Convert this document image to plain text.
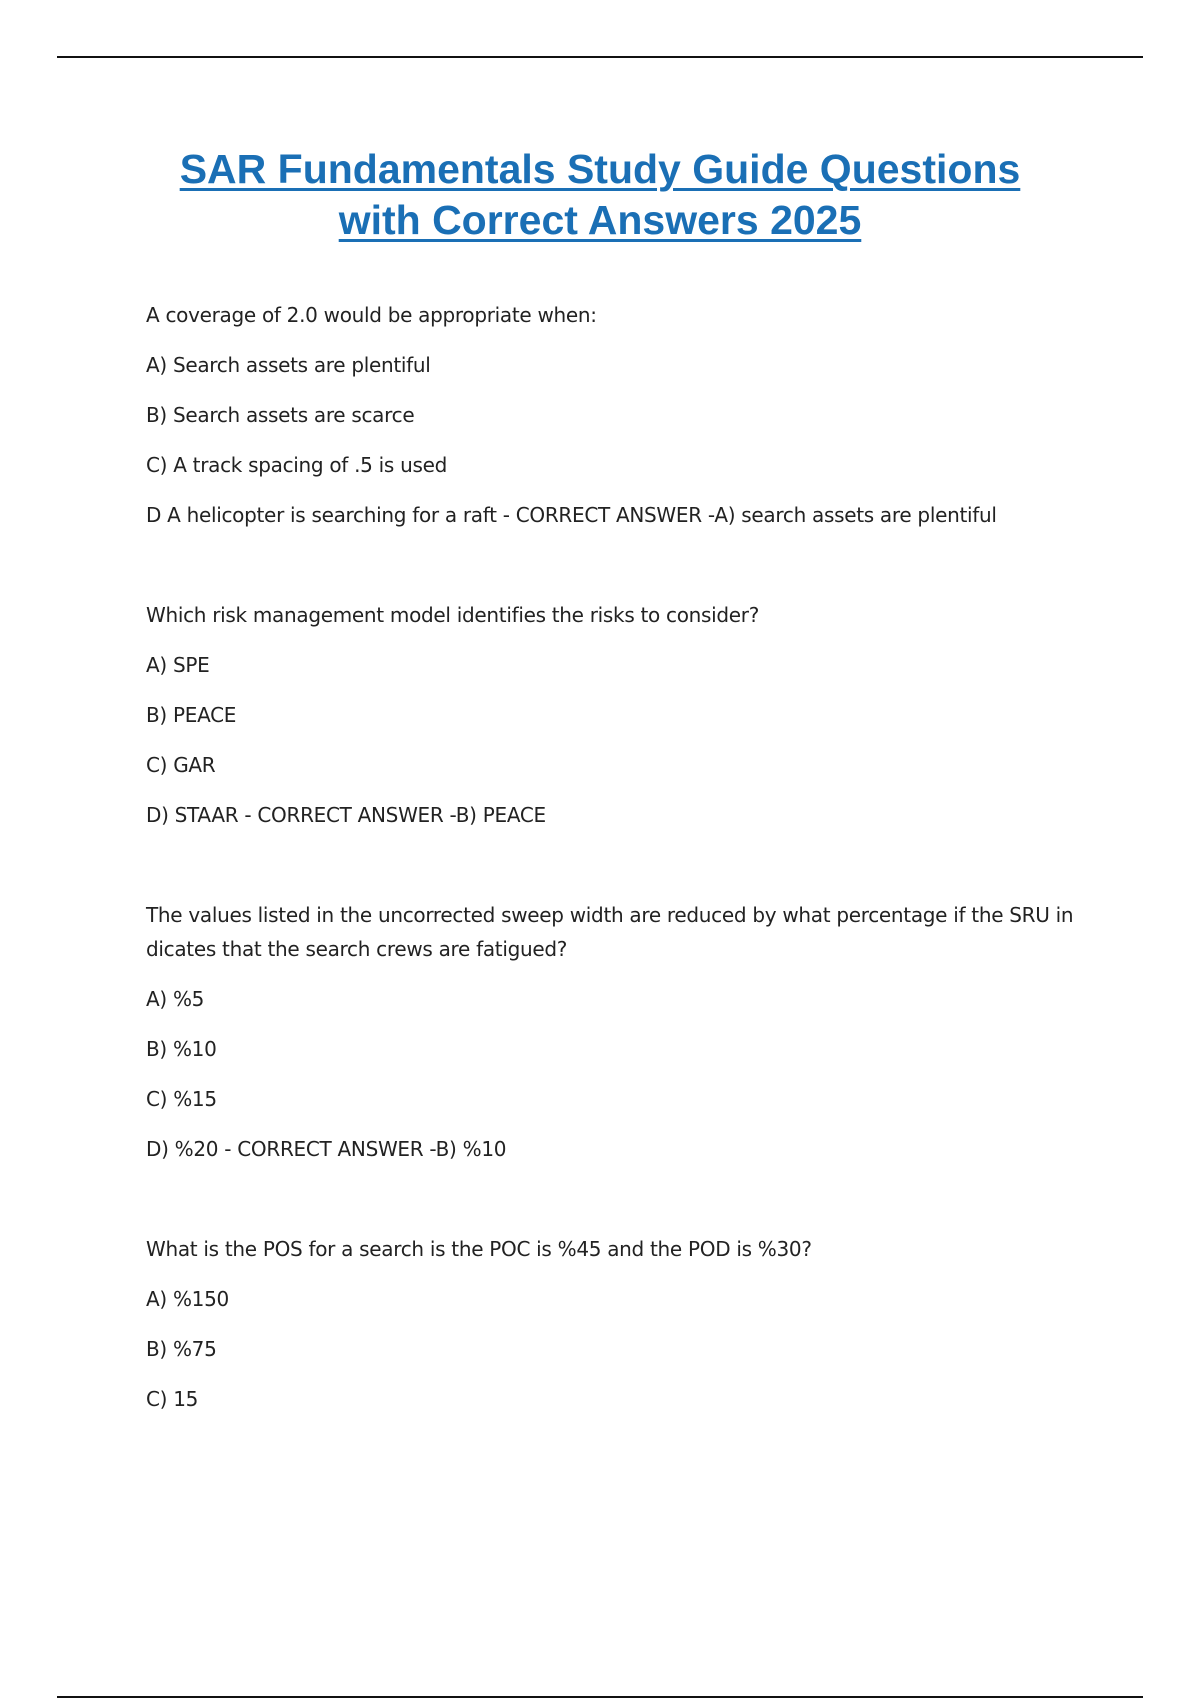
SAR Fundamentals Study Guide Questions
with Correct Answers 2025
A coverage of 2.0 would be appropriate when:
A) Search assets are plentiful
B) Search assets are scarce
C) A track spacing of .5 is used
D A helicopter is searching for a raft - CORRECT ANSWER -A) search assets are plentiful
Which risk management model identifies the risks to consider?
A) SPE
B) PEACE
C) GAR
D) STAAR - CORRECT ANSWER -B) PEACE
The values listed in the uncorrected sweep width are reduced by what percentage if the SRU in dicates that the search crews are fatigued?
A) %5
B) %10
C) %15
D) %20 - CORRECT ANSWER -B) %10
What is the POS for a search is the POC is %45 and the POD is %30?
A) %150
B) %75
C) 15
